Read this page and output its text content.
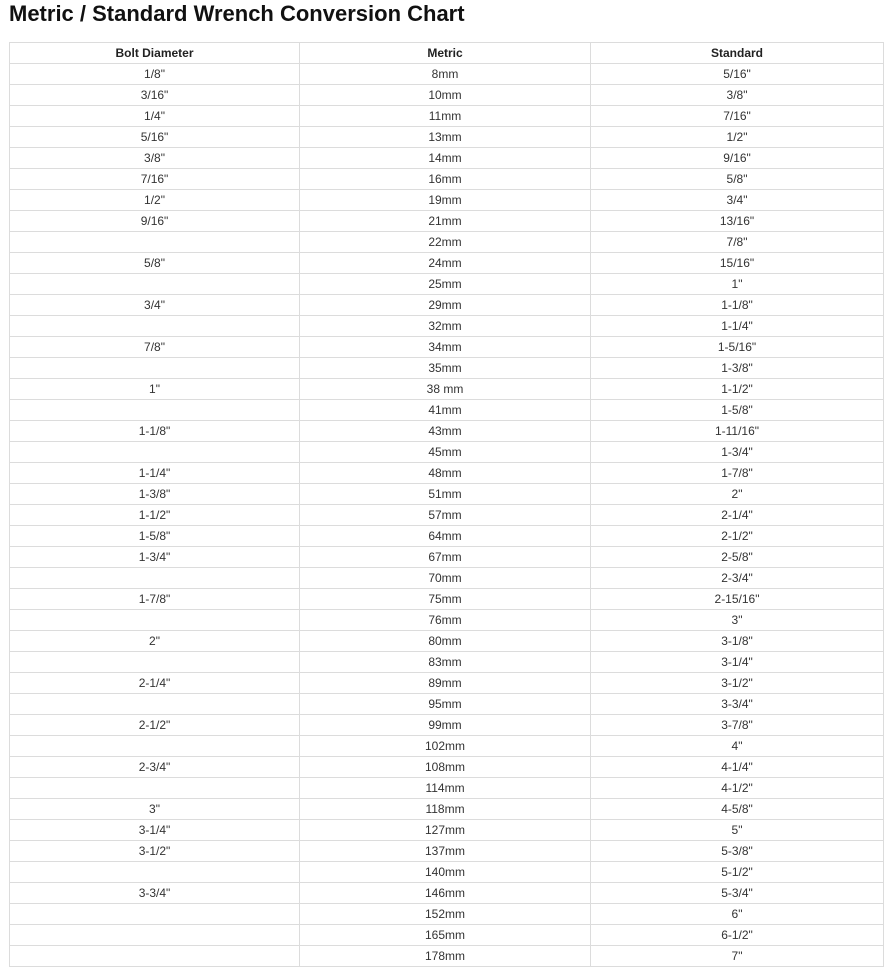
Metric / Standard Wrench Conversion Chart
Bolt Diameter	Metric	Standard
1/8"	8mm	5/16"
3/16"	10mm	3/8"
1/4"	11mm	7/16"
5/16"	13mm	1/2"
3/8"	14mm	9/16"
7/16"	16mm	5/8"
1/2"	19mm	3/4"
9/16"	21mm	13/16"
	22mm	7/8"
5/8"	24mm	15/16"
	25mm	1"
3/4"	29mm	1-1/8"
	32mm	1-1/4"
7/8"	34mm	1-5/16"
	35mm	1-3/8"
1"	38 mm	1-1/2"
	41mm	1-5/8"
1-1/8"	43mm	1-11/16"
	45mm	1-3/4"
1-1/4"	48mm	1-7/8"
1-3/8"	51mm	2"
1-1/2"	57mm	2-1/4"
1-5/8"	64mm	2-1/2"
1-3/4"	67mm	2-5/8"
	70mm	2-3/4"
1-7/8"	75mm	2-15/16"
	76mm	3"
2"	80mm	3-1/8"
	83mm	3-1/4"
2-1/4"	89mm	3-1/2"
	95mm	3-3/4"
2-1/2"	99mm	3-7/8"
	102mm	4"
2-3/4"	108mm	4-1/4"
	114mm	4-1/2"
3"	118mm	4-5/8"
3-1/4"	127mm	5"
3-1/2"	137mm	5-3/8"
	140mm	5-1/2"
3-3/4"	146mm	5-3/4"
	152mm	6"
	165mm	6-1/2"
	178mm	7"
